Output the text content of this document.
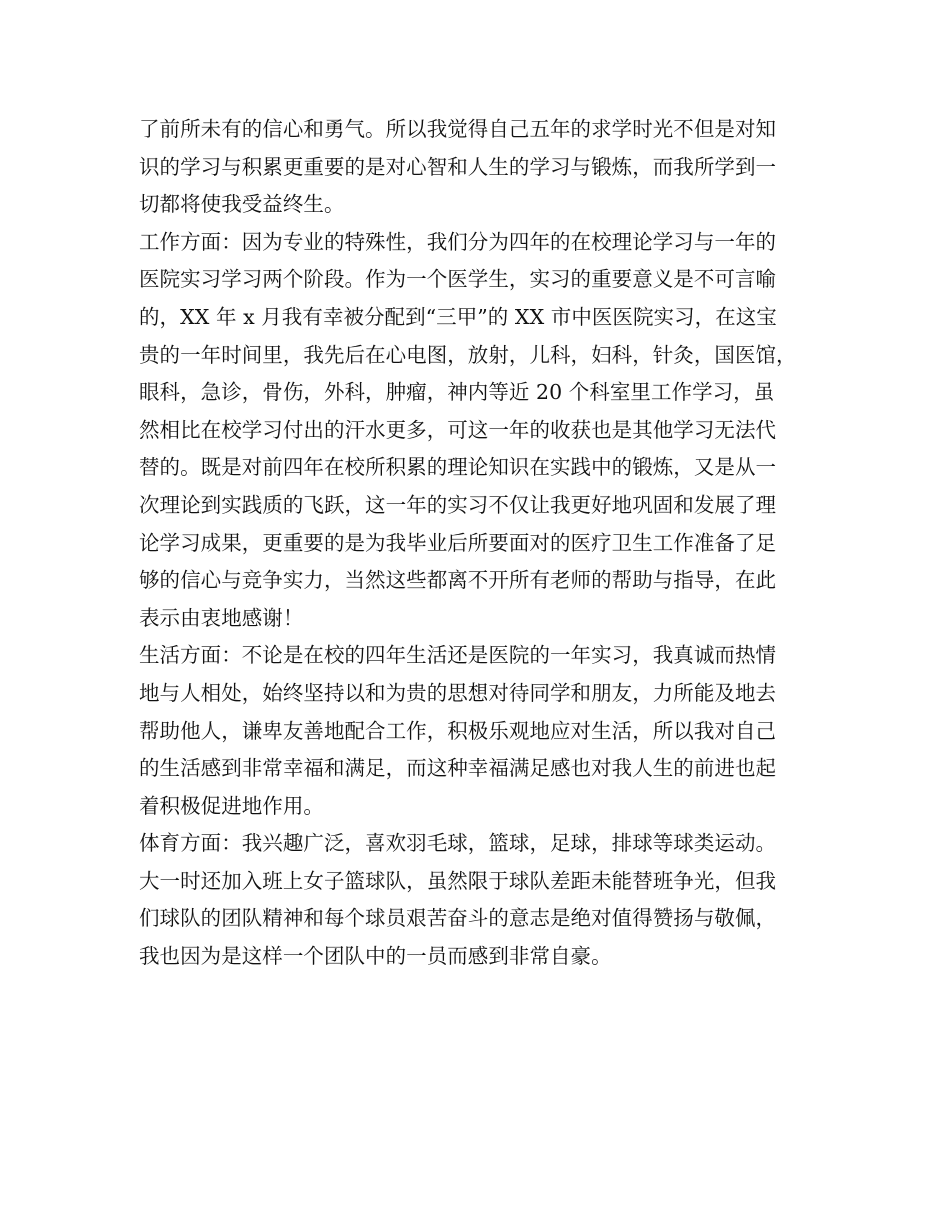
了前所未有的信心和勇气。所以我觉得自己五年的求学时光不但是对知
识的学习与积累更重要的是对心智和人生的学习与锻炼，而我所学到一
切都将使我受益终生。
工作方面：因为专业的特殊性，我们分为四年的在校理论学习与一年的
医院实习学习两个阶段。作为一个医学生，实习的重要意义是不可言喻
的，XX 年 x 月我有幸被分配到“三甲”的 XX 市中医医院实习，在这宝
贵的一年时间里，我先后在心电图，放射，儿科，妇科，针灸，国医馆，
眼科，急诊，骨伤，外科，肿瘤，神内等近 20 个科室里工作学习，虽
然相比在校学习付出的汗水更多，可这一年的收获也是其他学习无法代
替的。既是对前四年在校所积累的理论知识在实践中的锻炼，又是从一
次理论到实践质的飞跃，这一年的实习不仅让我更好地巩固和发展了理
论学习成果，更重要的是为我毕业后所要面对的医疗卫生工作准备了足
够的信心与竞争实力，当然这些都离不开所有老师的帮助与指导，在此
表示由衷地感谢！
生活方面：不论是在校的四年生活还是医院的一年实习，我真诚而热情
地与人相处，始终坚持以和为贵的思想对待同学和朋友，力所能及地去
帮助他人，谦卑友善地配合工作，积极乐观地应对生活，所以我对自己
的生活感到非常幸福和满足，而这种幸福满足感也对我人生的前进也起
着积极促进地作用。
体育方面：我兴趣广泛，喜欢羽毛球，篮球，足球，排球等球类运动。
大一时还加入班上女子篮球队，虽然限于球队差距未能替班争光，但我
们球队的团队精神和每个球员艰苦奋斗的意志是绝对值得赞扬与敬佩，
我也因为是这样一个团队中的一员而感到非常自豪。
